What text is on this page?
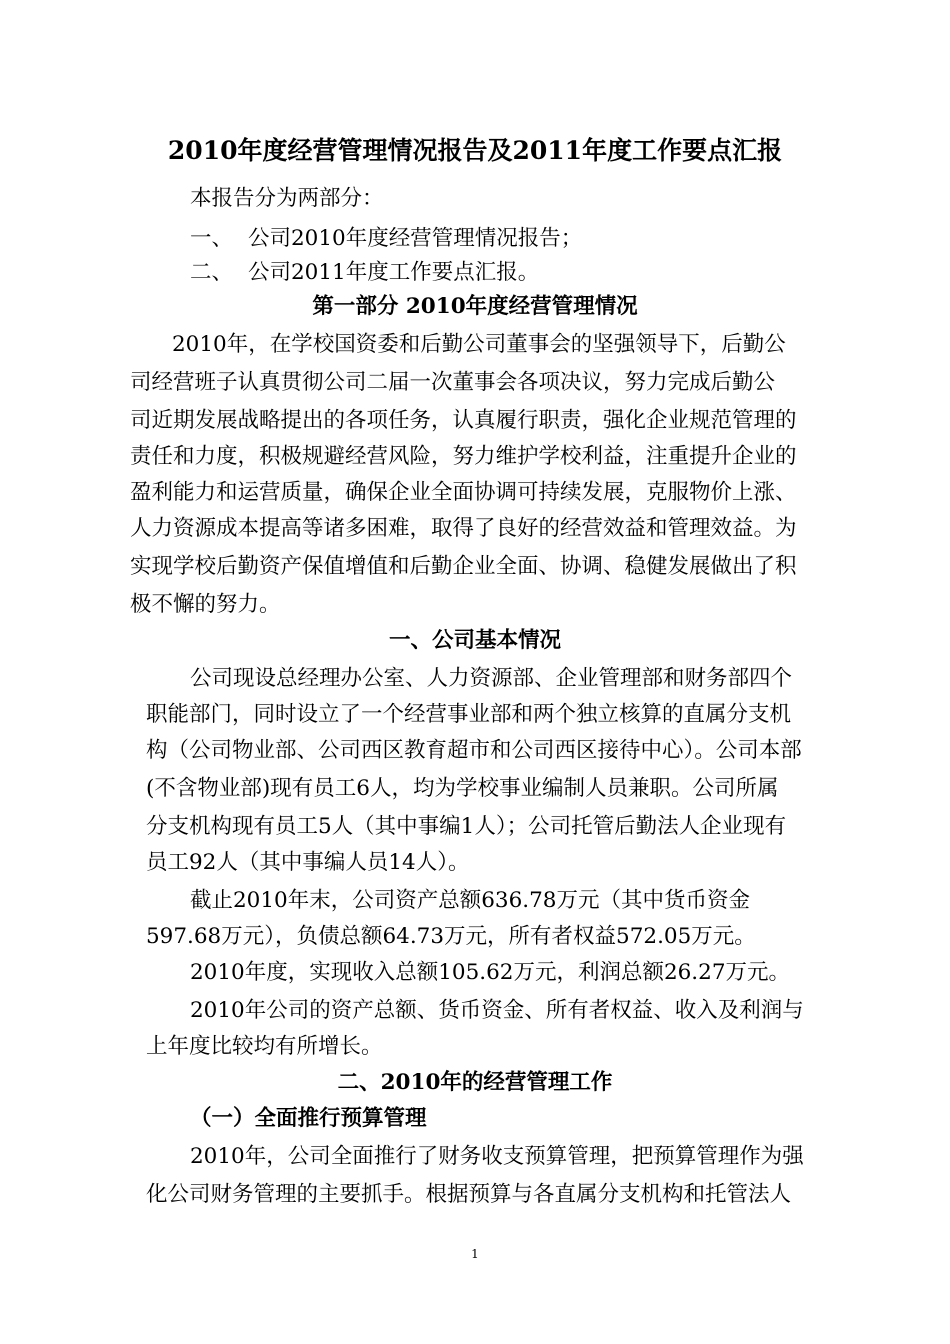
2010年度经营管理情况报告及2011年度工作要点汇报
本报告分为两部分：
一、 公司2010年度经营管理情况报告；
二、 公司2011年度工作要点汇报。
第一部分 2010年度经营管理情况
2010年，在学校国资委和后勤公司董事会的坚强领导下，后勤公
司经营班子认真贯彻公司二届一次董事会各项决议，努力完成后勤公
司近期发展战略提出的各项任务，认真履行职责，强化企业规范管理的
责任和力度，积极规避经营风险，努力维护学校利益，注重提升企业的
盈利能力和运营质量，确保企业全面协调可持续发展，克服物价上涨、
人力资源成本提高等诸多困难，取得了良好的经营效益和管理效益。为
实现学校后勤资产保值增值和后勤企业全面、协调、稳健发展做出了积
极不懈的努力。
一、公司基本情况
公司现设总经理办公室、人力资源部、企业管理部和财务部四个
职能部门，同时设立了一个经营事业部和两个独立核算的直属分支机
构（公司物业部、公司西区教育超市和公司西区接待中心）。公司本部
(不含物业部)现有员工6人，均为学校事业编制人员兼职。公司所属
分支机构现有员工5人（其中事编1人）；公司托管后勤法人企业现有
员工92人（其中事编人员14人）。
截止2010年末，公司资产总额636.78万元（其中货币资金
597.68万元），负债总额64.73万元，所有者权益572.05万元。
2010年度，实现收入总额105.62万元，利润总额26.27万元。
2010年公司的资产总额、货币资金、所有者权益、收入及利润与
上年度比较均有所增长。
二、2010年的经营管理工作
（一）全面推行预算管理
2010年，公司全面推行了财务收支预算管理，把预算管理作为强
化公司财务管理的主要抓手。根据预算与各直属分支机构和托管法人
1
